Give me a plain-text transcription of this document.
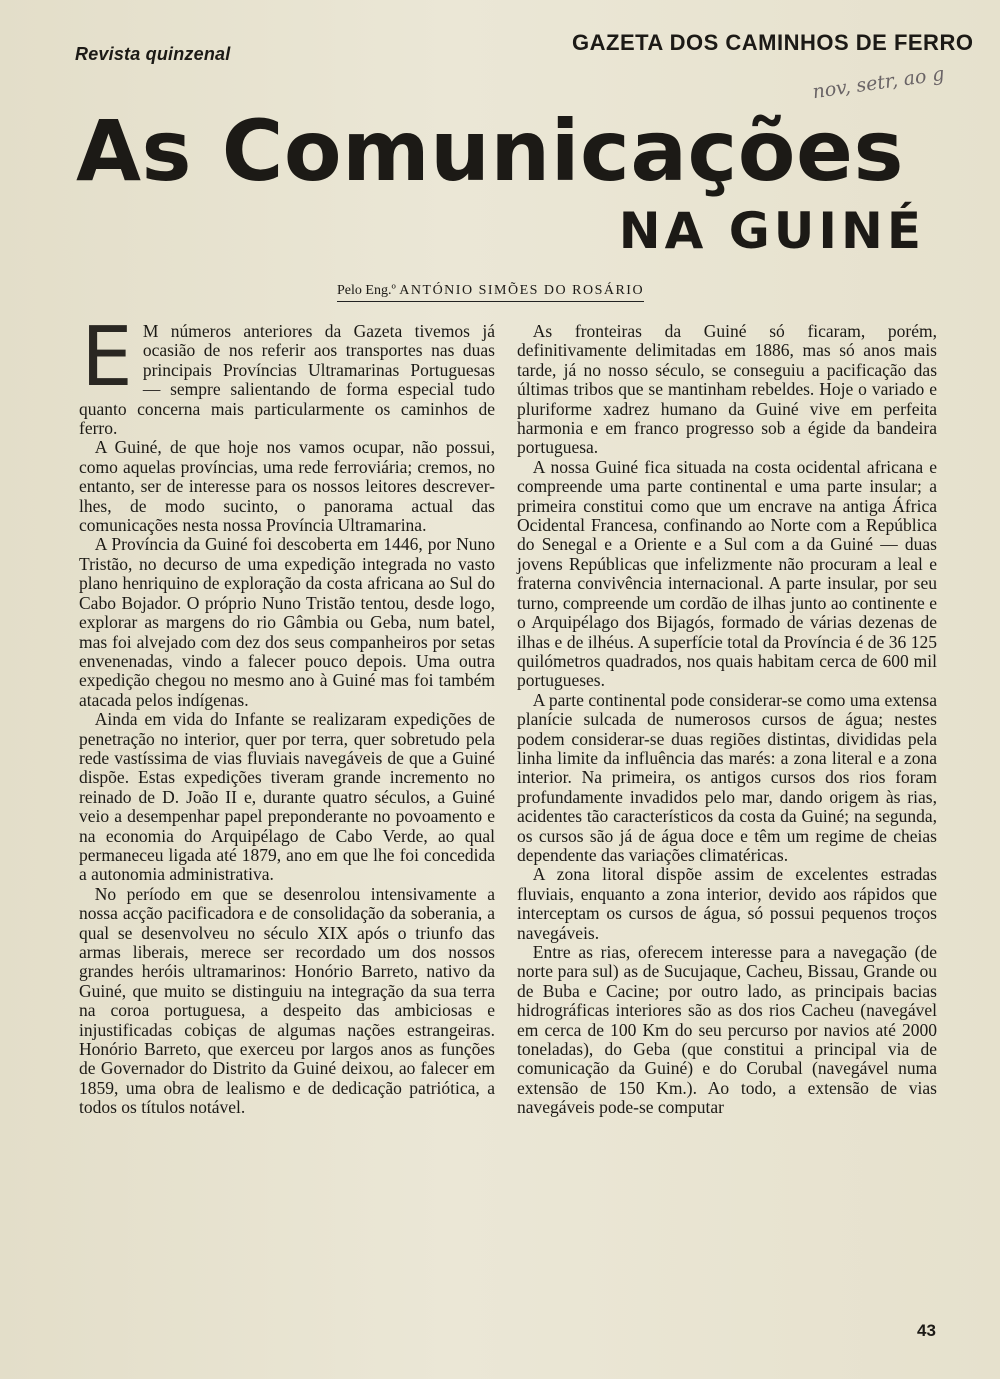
Revista quinzenal	GAZETA DOS CAMINHOS DE FERRO
nov, setr, ao g
As Comunicações
NA GUINÉ
Pelo Eng.º ANTÓNIO SIMÕES DO ROSÁRIO

E M números anteriores da Gazeta tivemos já ocasião de nos referir aos transportes nas duas principais Províncias Ultramarinas Portuguesas — sempre salientando de forma especial tudo quanto concerna mais particularmente os caminhos de ferro.

A Guiné, de que hoje nos vamos ocupar, não possui, como aquelas províncias, uma rede ferroviária; cremos, no entanto, ser de interesse para os nossos leitores descrever-lhes, de modo sucinto, o panorama actual das comunicações nesta nossa Província Ultramarina.

A Província da Guiné foi descoberta em 1446, por Nuno Tristão, no decurso de uma expedição integrada no vasto plano henriquino de exploração da costa africana ao Sul do Cabo Bojador. O próprio Nuno Tristão tentou, desde logo, explorar as margens do rio Gâmbia ou Geba, num batel, mas foi alvejado com dez dos seus companheiros por setas envenenadas, vindo a falecer pouco depois. Uma outra expedição chegou no mesmo ano à Guiné mas foi também atacada pelos indígenas.

Ainda em vida do Infante se realizaram expedições de penetração no interior, quer por terra, quer sobretudo pela rede vastíssima de vias fluviais navegáveis de que a Guiné dispõe. Estas expedições tiveram grande incremento no reinado de D. João II e, durante quatro séculos, a Guiné veio a desempenhar papel preponderante no povoamento e na economia do Arquipélago de Cabo Verde, ao qual permaneceu ligada até 1879, ano em que lhe foi concedida a autonomia administrativa.

No período em que se desenrolou intensivamente a nossa acção pacificadora e de consolidação da soberania, a qual se desenvolveu no século XIX após o triunfo das armas liberais, merece ser recordado um dos nossos grandes heróis ultramarinos: Honório Barreto, nativo da Guiné, que muito se distinguiu na integração da sua terra na coroa portuguesa, a despeito das ambiciosas e injustificadas cobiças de algumas nações estrangeiras. Honório Barreto, que exerceu por largos anos as funções de Governador do Distrito da Guiné deixou, ao falecer em 1859, uma obra de lealismo e de dedicação patriótica, a todos os títulos notável.

As fronteiras da Guiné só ficaram, porém, definitivamente delimitadas em 1886, mas só anos mais tarde, já no nosso século, se conseguiu a pacificação das últimas tribos que se mantinham rebeldes. Hoje o variado e pluriforme xadrez humano da Guiné vive em perfeita harmonia e em franco progresso sob a égide da bandeira portuguesa.

A nossa Guiné fica situada na costa ocidental africana e compreende uma parte continental e uma parte insular; a primeira constitui como que um encrave na antiga África Ocidental Francesa, confinando ao Norte com a República do Senegal e a Oriente e a Sul com a da Guiné — duas jovens Repúblicas que infelizmente não procuram a leal e fraterna convivência internacional. A parte insular, por seu turno, compreende um cordão de ilhas junto ao continente e o Arquipélago dos Bijagós, formado de várias dezenas de ilhas e de ilhéus. A superfície total da Província é de 36 125 quilómetros quadrados, nos quais habitam cerca de 600 mil portugueses.

A parte continental pode considerar-se como uma extensa planície sulcada de numerosos cursos de água; nestes podem considerar-se duas regiões distintas, divididas pela linha limite da influência das marés: a zona literal e a zona interior. Na primeira, os antigos cursos dos rios foram profundamente invadidos pelo mar, dando origem às rias, acidentes tão característicos da costa da Guiné; na segunda, os cursos são já de água doce e têm um regime de cheias dependente das variações climatéricas.

A zona litoral dispõe assim de excelentes estradas fluviais, enquanto a zona interior, devido aos rápidos que interceptam os cursos de água, só possui pequenos troços navegáveis.

Entre as rias, oferecem interesse para a navegação (de norte para sul) as de Sucujaque, Cacheu, Bissau, Grande ou de Buba e Cacine; por outro lado, as principais bacias hidrográficas interiores são as dos rios Cacheu (navegável em cerca de 100 Km do seu percurso por navios até 2000 toneladas), do Geba (que constitui a principal via de comunicação da Guiné) e do Corubal (navegável numa extensão de 150 Km.). Ao todo, a extensão de vias navegáveis pode-se computar

43
